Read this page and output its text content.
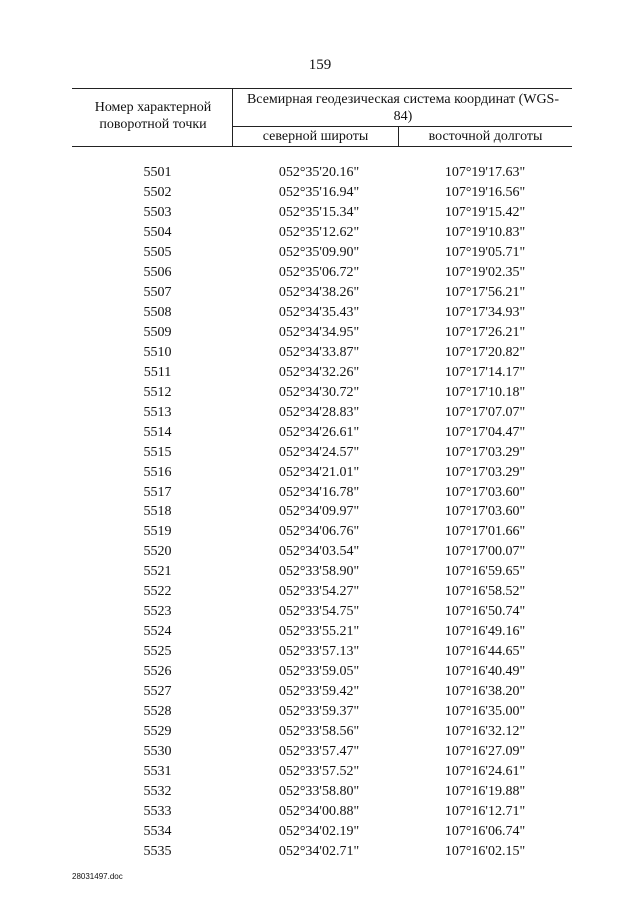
159
Номер характерной поворотной точки
Всемирная геодезическая система координат (WGS-84)
северной широты	восточной долготы
5501	052°35'20.16"	107°19'17.63"
5502	052°35'16.94"	107°19'16.56"
5503	052°35'15.34"	107°19'15.42"
5504	052°35'12.62"	107°19'10.83"
5505	052°35'09.90"	107°19'05.71"
5506	052°35'06.72"	107°19'02.35"
5507	052°34'38.26"	107°17'56.21"
5508	052°34'35.43"	107°17'34.93"
5509	052°34'34.95"	107°17'26.21"
5510	052°34'33.87"	107°17'20.82"
5511	052°34'32.26"	107°17'14.17"
5512	052°34'30.72"	107°17'10.18"
5513	052°34'28.83"	107°17'07.07"
5514	052°34'26.61"	107°17'04.47"
5515	052°34'24.57"	107°17'03.29"
5516	052°34'21.01"	107°17'03.29"
5517	052°34'16.78"	107°17'03.60"
5518	052°34'09.97"	107°17'03.60"
5519	052°34'06.76"	107°17'01.66"
5520	052°34'03.54"	107°17'00.07"
5521	052°33'58.90"	107°16'59.65"
5522	052°33'54.27"	107°16'58.52"
5523	052°33'54.75"	107°16'50.74"
5524	052°33'55.21"	107°16'49.16"
5525	052°33'57.13"	107°16'44.65"
5526	052°33'59.05"	107°16'40.49"
5527	052°33'59.42"	107°16'38.20"
5528	052°33'59.37"	107°16'35.00"
5529	052°33'58.56"	107°16'32.12"
5530	052°33'57.47"	107°16'27.09"
5531	052°33'57.52"	107°16'24.61"
5532	052°33'58.80"	107°16'19.88"
5533	052°34'00.88"	107°16'12.71"
5534	052°34'02.19"	107°16'06.74"
5535	052°34'02.71"	107°16'02.15"
28031497.doc
